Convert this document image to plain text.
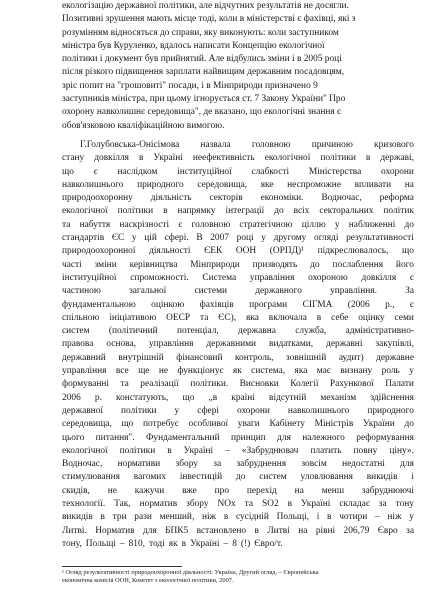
екологізацію державної політики, але відчутних результатів не досягли.
Позитивні зрушення мають місце тоді, коли в міністерстві є фахівці, які з
розумінням відносяться до справи, яку виконують: коли заступником
міністра був Куруленко, вдалось написати Концепцію екологічної
політики і документ був прийнятий. Але відбулись зміни і в 2005 році
після різкого підвищення зарплати найвищим державним посадовцям,
зріс попит на "грошовиті" посади, і в Мінприроди призначено 9
заступників міністра, при цьому ігнорується ст. 7 Закону України" Про
охорону навколишнє середовища", де вказано, що екологічні знання є
обов'язковою кваліфікаційною вимогою.
Г.Голубовська-Онісімова назвала головною причиною кризового
стану довкілля в Україні неефективність екологічної політики в державі,
що є наслідком інституційної слабкості Міністерства охорони
навколишнього природного середовища, яке неспроможне впливати на
природоохоронну діяльність секторів економіки. Водночас, реформа
екологічної політики в напрямку інтеграції до всіх секторальних політик
та набуття наскрізності є головною стратегічною ціллю у наближенні до
стандартів ЄС у цій сфері. В 2007 році у другому огляді результативності
природоохоронної діяльності ЄЕК ООН (ОРПД)¹ підкреслювалось, що
часті зміни керівництва Мінприроди призводять до послаблення його
інституційної спроможності. Система управління охороною довкілля є
частиною	загальної	системи	державного	управління.	За
фундаментальною оцінкою фахівців програми СІГМА (2006 р., є
спільною ініціативою ОЕСР та ЄС), яка включала в себе оцінку семи
систем (політичний потенціал, державна служба, адміністративно-
правова основа, управління державними видатками, державні закупівлі,
державний внутрішній фінансовий контроль, зовнішній аудит) державне
управління все ще не функціонує як система, яка має визнану роль у
формуванні та реалізації політики. Висновки Колегії Рахункової Палати
2006 р. констатують, що „в країні відсутній механізм здійснення
державної політики у сфері охорони навколишнього природного
середовища, що потребує особливої уваги Кабінету Міністрів України до
цього питання". Фундаментальний принцип для належного реформування
екологічної політики в Україні – «Забруднювач платить повну ціну».
Водночас, нормативи збору за забруднення зовсім недостатні для
стимулювання вагомих інвестицій до систем уловлювання викидів і
скидів, не кажучи вже про перехід на менш забруднюючі
технології. Так, норматив збору NOx та SO2 в Україні складає за тону
викидів в три рази менший, ніж в сусідній Польщі, і в чотири – ніж у
Литві. Норматив для БПК5 встановлено в Литві на рівні 206,79 Євро за
тону, Польщі – 810, тоді як в Україні – 8 (!) Євро/т.
¹ Огляд результативності природоохоронної діяльності: Україна, Другий огляд. – Європейська
економічна комісія ООН, Комітет з екологічної політики, 2007.
